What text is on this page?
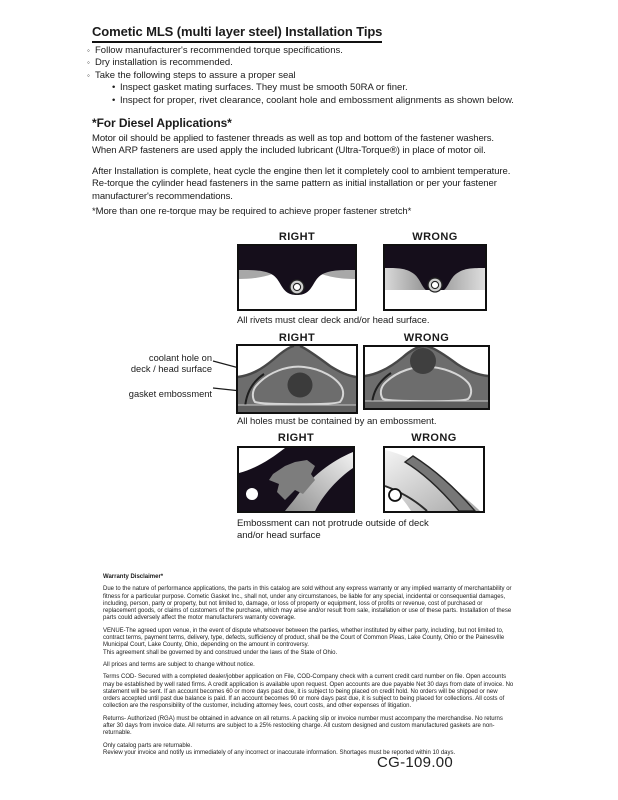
Cometic MLS (multi layer steel) Installation Tips
◦ Follow manufacturer's recommended torque specifications.
◦ Dry installation is recommended.
◦ Take the following steps to assure a proper seal
• Inspect gasket mating surfaces. They must be smooth 50RA or finer.
• Inspect for proper, rivet clearance, coolant hole and embossment alignments as shown below.
*For Diesel Applications*

Motor oil should be applied to fastener threads as well as top and bottom of the fastener washers. When ARP fasteners are used apply the included lubricant (Ultra-Torque®) in place of motor oil.

After Installation is complete, heat cycle the engine then let it completely cool to ambient temperature. Re-torque the cylinder head fasteners in the same pattern as initial installation or per your fastener manufacturer's recommendations.

*More than one re-torque may be required to achieve proper fastener stretch*

RIGHT	WRONG

All rivets must clear deck and/or head surface.

coolant hole on
deck / head surface

gasket embossment

RIGHT	WRONG

All holes must be contained by an embossment.

RIGHT	WRONG

Embossment can not protrude outside of deck
and/or head surface

Warranty Disclaimer*

Due to the nature of performance applications, the parts in this catalog are sold without any express warranty or any implied warranty of merchantability or fitness for a particular purpose. Cometic Gasket Inc., shall not, under any circumstances, be liable for any special, incidental or consequential damages, including, person, party or property, but not limited to, damage, or loss of property or equipment, loss of profits or revenue, cost of purchased or replacement goods, or claims of customers of the purchase, which may arise and/or result from sale, installation or use of these parts. Installation of these parts could adversely affect the motor manufacturers warranty coverage.

VENUE-The agreed upon venue, in the event of dispute whatsoever between the parties, whether instituted by either party, including, but not limited to, contract terms, payment terms, delivery, type, defects, sufficiency of product, shall be the Court of Common Pleas, Lake County, Ohio or the Painesville Municipal Court, Lake County, Ohio, depending on the amount in controversy.

This agreement shall be governed by and construed under the laws of the State of Ohio.

All prices and terms are subject to change without notice.

Terms COD- Secured with a completed dealer/jobber application on File, COD-Company check with a current credit card number on file. Open accounts may be established by well rated firms. A credit application is available upon request. Open accounts are due payable Net 30 days from date of invoice. No statement will be sent. If an account becomes 60 or more days past due, it is subject to being placed on credit hold. No orders will be shipped or new orders accepted until past due balance is paid. If an account becomes 90 or more days past due, it is subject to being placed for collections. All costs of collection are the responsibility of the customer, including attorney fees, court costs, and other expenses of litigation.

Returns- Authorized (RGA) must be obtained in advance on all returns. A packing slip or invoice number must accompany the merchandise. No returns after 30 days from invoice date. All returns are subject to a 25% restocking charge. All custom designed and custom manufactured gaskets are non-returnable.

Only catalog parts are returnable.

Review your invoice and notify us immediately of any incorrect or inaccurate information. Shortages must be reported within 10 days.

CG-109.00
